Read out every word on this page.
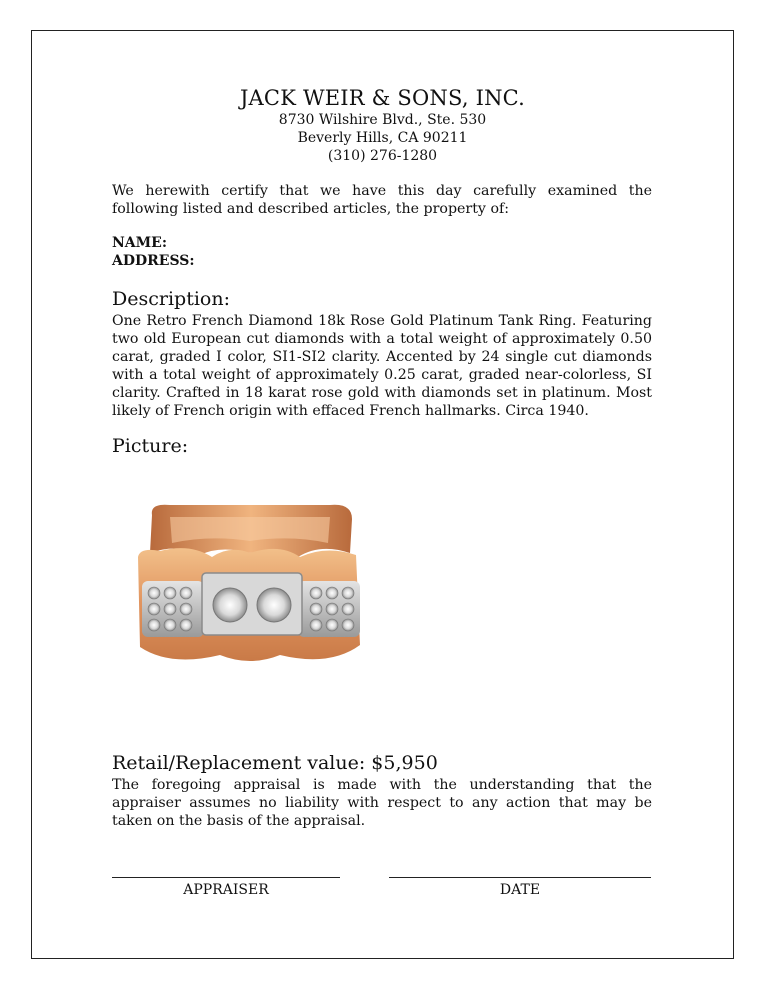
JACK WEIR & SONS, INC.
8730 Wilshire Blvd., Ste. 530
Beverly Hills, CA 90211
(310) 276-1280
We herewith certify that we have this day carefully examined the following listed and described articles, the property of:
NAME:
ADDRESS:
Description:
One Retro French Diamond 18k Rose Gold Platinum Tank Ring. Featuring two old European cut diamonds with a total weight of approximately 0.50 carat, graded I color, SI1-SI2 clarity. Accented by 24 single cut diamonds with a total weight of approximately 0.25 carat, graded near-colorless, SI clarity. Crafted in 18 karat rose gold with diamonds set in platinum. Most likely of French origin with effaced French hallmarks. Circa 1940.
Picture:
Retail/Replacement value: $5,950
The foregoing appraisal is made with the understanding that the appraiser assumes no liability with respect to any action that may be taken on the basis of the appraisal.
APPRAISER	DATE
